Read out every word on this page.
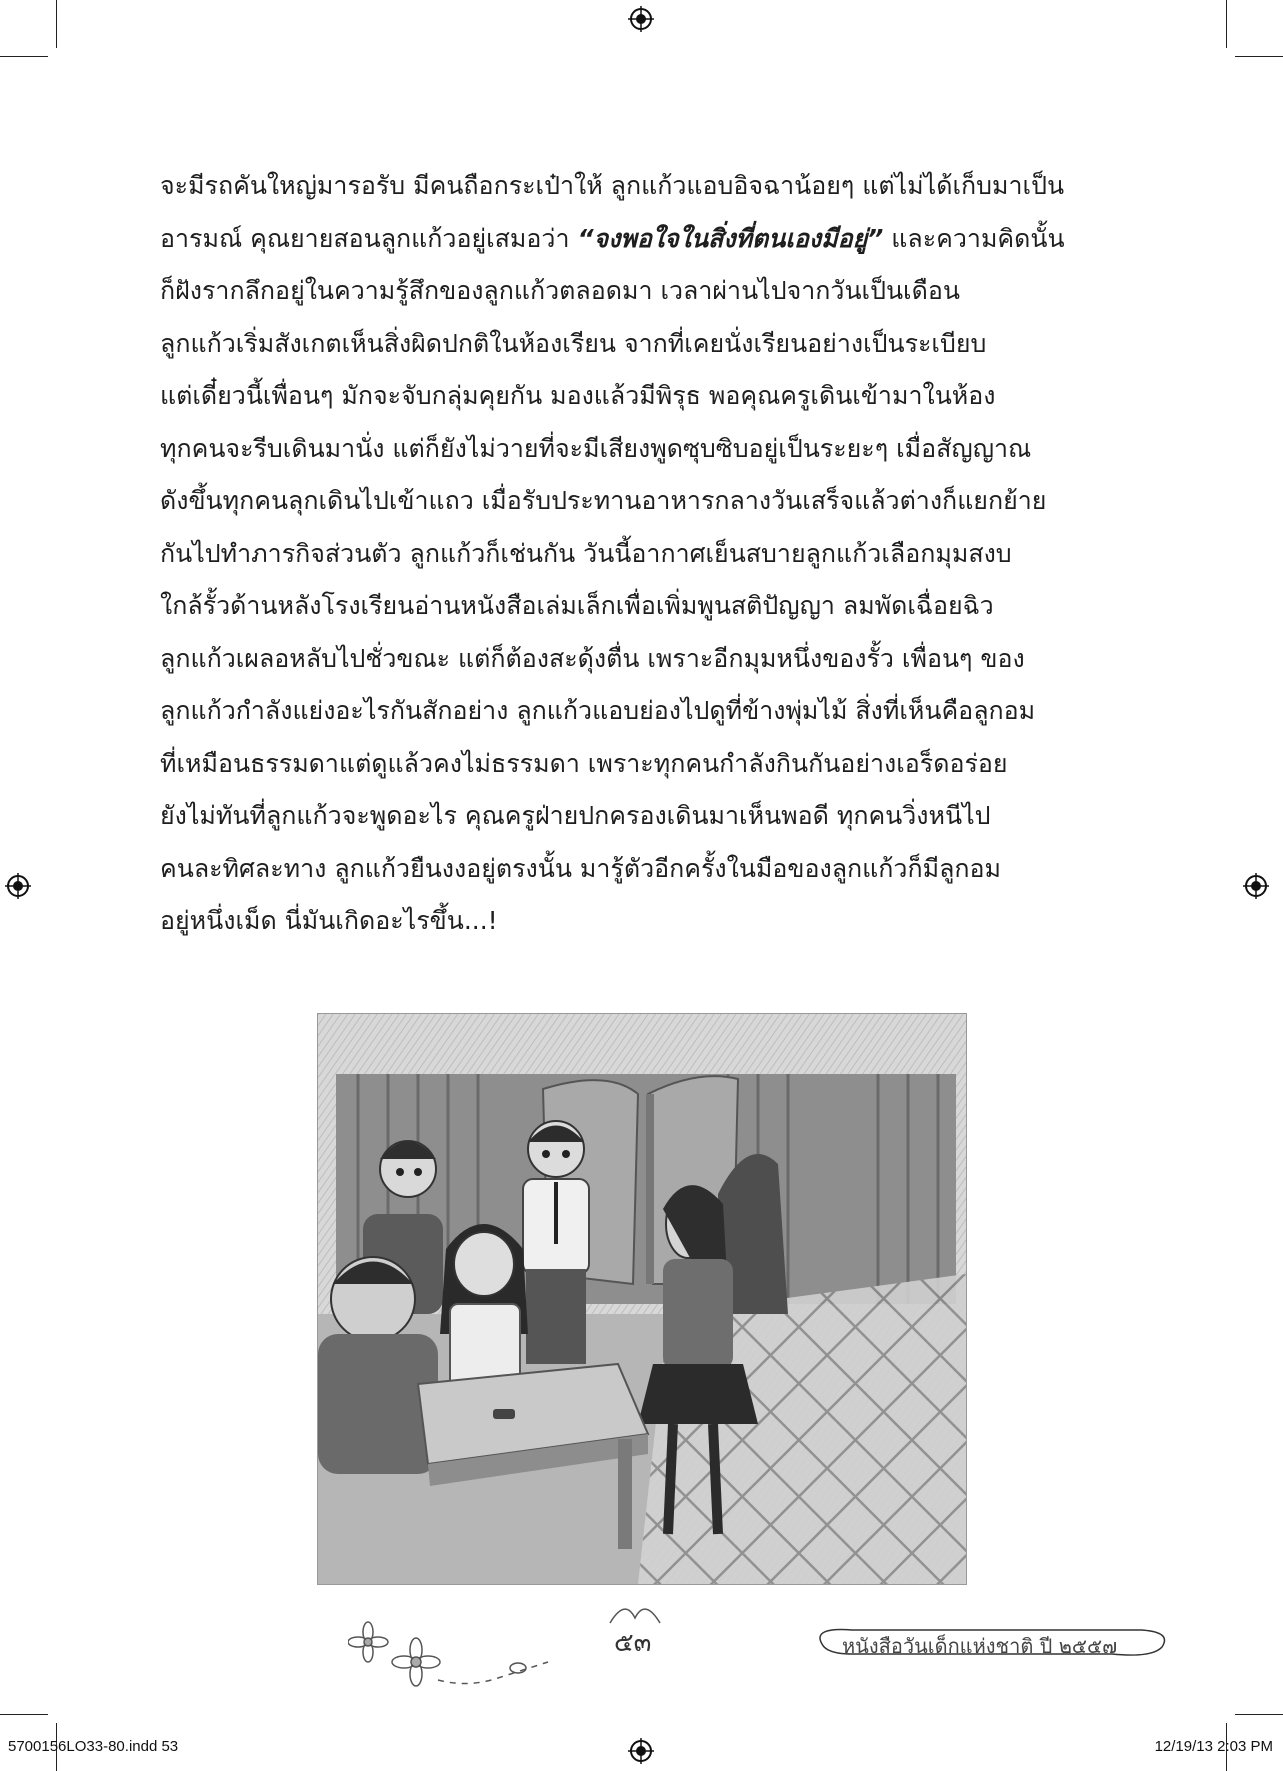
จะมีรถคันใหญ่มารอรับ มีคนถือกระเป๋าให้ ลูกแก้วแอบอิจฉาน้อยๆ แต่ไม่ได้เก็บมาเป็น
อารมณ์ คุณยายสอนลูกแก้วอยู่เสมอว่า “จงพอใจในสิ่งที่ตนเองมีอยู่” และความคิดนั้น
ก็ฝังรากลึกอยู่ในความรู้สึกของลูกแก้วตลอดมา เวลาผ่านไปจากวันเป็นเดือน
ลูกแก้วเริ่มสังเกตเห็นสิ่งผิดปกติในห้องเรียน จากที่เคยนั่งเรียนอย่างเป็นระเบียบ
แต่เดี๋ยวนี้เพื่อนๆ มักจะจับกลุ่มคุยกัน มองแล้วมีพิรุธ พอคุณครูเดินเข้ามาในห้อง
ทุกคนจะรีบเดินมานั่ง แต่ก็ยังไม่วายที่จะมีเสียงพูดซุบซิบอยู่เป็นระยะๆ เมื่อสัญญาณ
ดังขึ้นทุกคนลุกเดินไปเข้าแถว เมื่อรับประทานอาหารกลางวันเสร็จแล้วต่างก็แยกย้าย
กันไปทำภารกิจส่วนตัว ลูกแก้วก็เช่นกัน วันนี้อากาศเย็นสบายลูกแก้วเลือกมุมสงบ
ใกล้รั้วด้านหลังโรงเรียนอ่านหนังสือเล่มเล็กเพื่อเพิ่มพูนสติปัญญา ลมพัดเฉื่อยฉิว
ลูกแก้วเผลอหลับไปชั่วขณะ แต่ก็ต้องสะดุ้งตื่น เพราะอีกมุมหนึ่งของรั้ว เพื่อนๆ ของ
ลูกแก้วกำลังแย่งอะไรกันสักอย่าง ลูกแก้วแอบย่องไปดูที่ข้างพุ่มไม้ สิ่งที่เห็นคือลูกอม
ที่เหมือนธรรมดาแต่ดูแล้วคงไม่ธรรมดา เพราะทุกคนกำลังกินกันอย่างเอร็ดอร่อย
ยังไม่ทันที่ลูกแก้วจะพูดอะไร คุณครูฝ่ายปกครองเดินมาเห็นพอดี ทุกคนวิ่งหนีไป
คนละทิศละทาง ลูกแก้วยืนงงอยู่ตรงนั้น มารู้ตัวอีกครั้งในมือของลูกแก้วก็มีลูกอม
อยู่หนึ่งเม็ด นี่มันเกิดอะไรขึ้น...!
๕๓	หนังสือวันเด็กแห่งชาติ ปี ๒๕๕๗
5700156LO33-80.indd 53	12/19/13 2:03 PM
